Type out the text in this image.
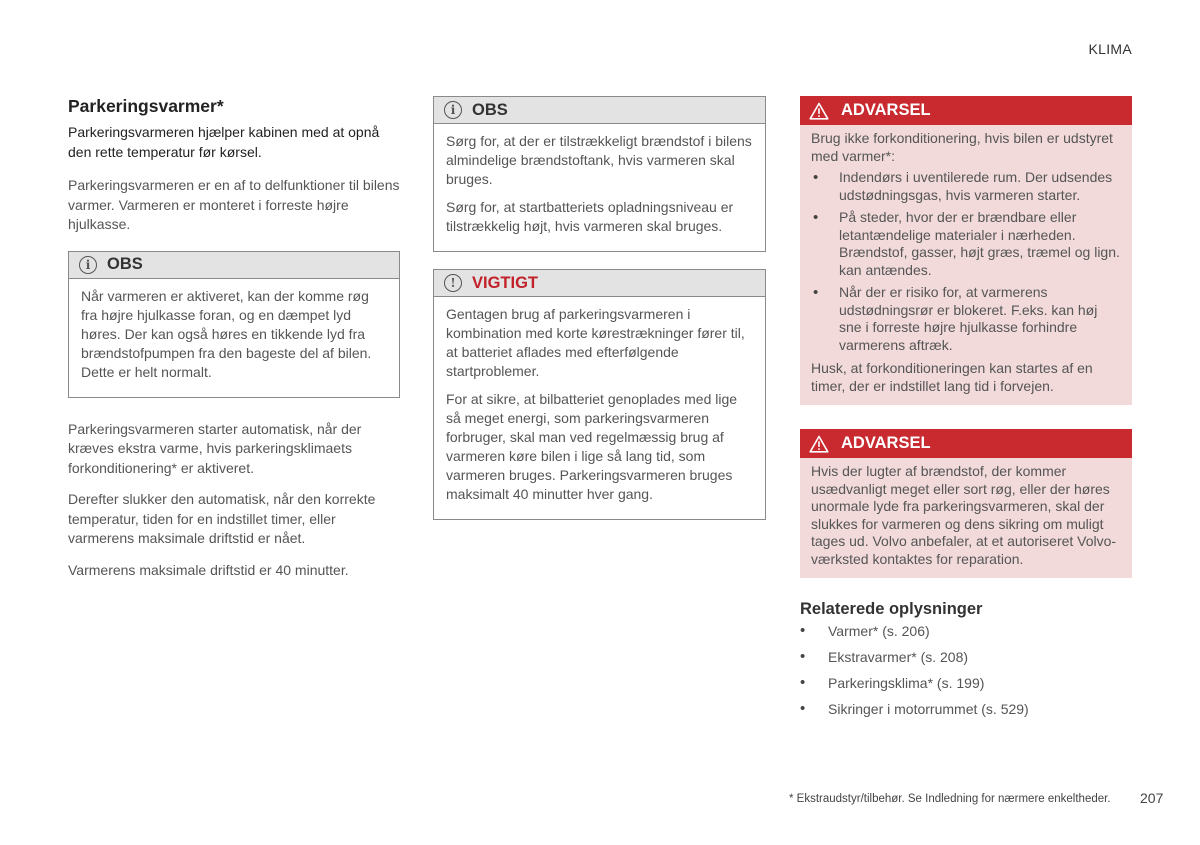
KLIMA
Parkeringsvarmer*

Parkeringsvarmeren hjælper kabinen med at opnå den rette temperatur før kørsel.

Parkeringsvarmeren er en af to delfunktioner til bilens varmer. Varmeren er monteret i forreste højre hjulkasse.

i	OBS

Når varmeren er aktiveret, kan der komme røg fra højre hjulkasse foran, og en dæmpet lyd høres. Der kan også høres en tikkende lyd fra brændstofpumpen fra den bageste del af bilen. Dette er helt normalt.

Parkeringsvarmeren starter automatisk, når der kræves ekstra varme, hvis parkeringsklimaets forkonditionering* er aktiveret.

Derefter slukker den automatisk, når den korrekte temperatur, tiden for en indstillet timer, eller varmerens maksimale driftstid er nået.

Varmerens maksimale driftstid er 40 minutter.

i	OBS

Sørg for, at der er tilstrækkeligt brændstof i bilens almindelige brændstoftank, hvis varmeren skal bruges.

Sørg for, at startbatteriets opladningsniveau er tilstrækkelig højt, hvis varmeren skal bruges.

! VIGTIGT

Gentagen brug af parkeringsvarmeren i kombination med korte kørestrækninger fører til, at batteriet aflades med efterfølgende startproblemer.

For at sikre, at bilbatteriet genoplades med lige så meget energi, som parkeringsvarmeren forbruger, skal man ved regelmæssig brug af varmeren køre bilen i lige så lang tid, som varmeren bruges. Parkeringsvarmeren bruges maksimalt 40 minutter hver gang.

ADVARSEL

Brug ikke forkonditionering, hvis bilen er udstyret med varmer*:

• Indendørs i uventilerede rum. Der udsendes udstødningsgas, hvis varmeren starter.
• På steder, hvor der er brændbare eller letantændelige materialer i nærheden. Brændstof, gasser, højt græs, træmel og lign. kan antændes.
• Når der er risiko for, at varmerens udstødningsrør er blokeret. F.eks. kan høj sne i forreste højre hjulkasse forhindre varmerens aftræk.

Husk, at forkonditioneringen kan startes af en timer, der er indstillet lang tid i forvejen.

ADVARSEL

Hvis der lugter af brændstof, der kommer usædvanligt meget eller sort røg, eller der høres unormale lyde fra parkeringsvarmeren, skal der slukkes for varmeren og dens sikring om muligt tages ud. Volvo anbefaler, at et autoriseret Volvo-værksted kontaktes for reparation.

Relaterede oplysninger
• Varmer* (s. 206)
• Ekstravarmer* (s. 208)
• Parkeringsklima* (s. 199)
• Sikringer i motorrummet (s. 529)
* Ekstraudstyr/tilbehør. Se Indledning for nærmere enkeltheder. 207
